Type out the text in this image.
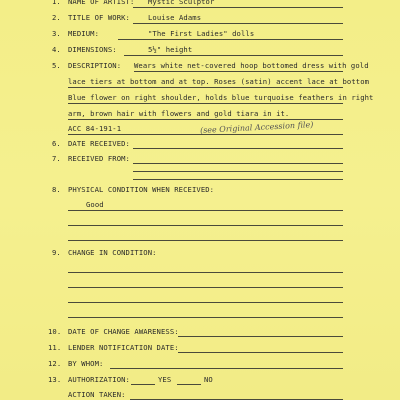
1. NAME OF ARTIST: Mystic Sculptor
2. TITLE OF WORK:	Louise Adams
3. MEDIUM:	"The First Ladies" dolls
4. DIMENSIONS:	5½" height
5. DESCRIPTION: Wears white net-covered hoop bottomed dress with gold
lace tiers at bottom and at top. Roses (satin) accent lace at bottom
Blue flower on right shoulder, holds blue turquoise feathers in right
arm, brown hair with flowers and gold tiara in it.
ACC 84-191-1	(see Original Accession file)
6. DATE RECEIVED:
7. RECEIVED FROM:
8. PHYSICAL CONDITION WHEN RECEIVED:
Good
9. CHANGE IN CONDITION:
10. DATE OF CHANGE AWARENESS:
11. LENDER NOTIFICATION DATE:
12. BY WHOM:
13. AUTHORIZATION:	YES	NO
ACTION TAKEN:
